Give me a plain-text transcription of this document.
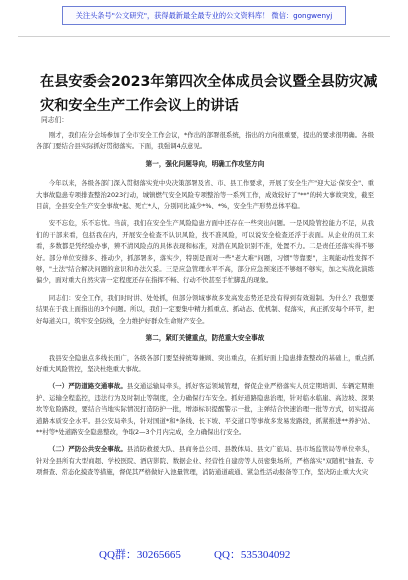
关注头条号"公文研究"，获得最新最全最专业的公文资料库！ 微信：gongwenyj
在县安委会2023年第四次全体成员会议暨全县防灾减灾和安全生产工作会议上的讲话
同志们：

刚才，我们在分会场参加了全市安全工作会议，*作出的部署很系统，指出的方向很重要，提出的要求很明确。各级各部门要结合县实际抓好贯彻落实。下面，我强调4点意见。

第一，强化问题导向，明确工作攻坚方向

今年以来，各级各部门深入贯彻落实党中央决策部署及省、市、县工作要求，开展了安全生产"迎大运·保安全"、重大事故隐患专项排查整治2023行动，城镇燃气安全风险专项整治等一系列工作，成效较好了"**"的转大事故突发，截至目前，全县安全生产安全事故*起、死亡*人，分别同比减少*%、*%，安全生产形势总体平稳。

安不忘危，乐不忘忧。当前，我们在安全生产风险隐患方面中还存在一些突出问题。一是风险管控能力不足，从我们的干部来看，包括我在内，开展安全检查不认识风险，找不准风险，可以说安全检查还浮于表面。从企业的员工来看，多数都是凭经验办事，辨不清风险点的具体表现和标准，对潜在风险识别不准，处置不力。二是责任还落实得不够好。部分单位安排多、推动少，抓部署多，落实少，特别是面对一些"老大难"问题，习惯"等靠要"，主观能动性发挥不够，"土法"结合解决问题的意识和办法欠妥。三是应急管理水平不高，部分应急预案还不够细不够实，加之实战化演练偏少，面对重大自然灾害一定程度还存在指挥不畅、行动不快甚至手忙脚乱的现象。

同志们：安全工作，我们时时讲、处处抓，但部分领域事故多发高发态势还是没有得到有效遏制。为什么？我想要结果在于我上面指出的3个问题。所以，我们一定要集中精力抓重点、抓动态、优机制、促落实，真正抓安每个环节，把好每道关口，筑牢安全防线，全力维护好群众生命财产安全。

第二，紧盯关键重点，防范重大安全事故

我县安全隐患点多线长面广，各级各部门要坚持统筹兼顾、突出重点，在抓好面上隐患排查整改的基础上，重点抓好重大风险管控，坚决杜绝重大事故。

（一）严防道路交通事故。县交通运输局牵头，抓好客运领域管理，督促企业严格落实人员定期培训、车辆定期维护、运输全程监控，违法行为及时制止等制度，全力确保行车安全。抓好道路隐患治理，针对临水临崖、高边坡、深果坎等危险路段，要结合当地实际情况打造防护一批，增添标识提醒警示一批，主弹结合快速治理一批等方式，切实提高道路本质安全水平。县公安局牵头，针对国道*和*条线、长下坡、平交道口等事故多发易发路段，抓紧推进**养护站、**村等*处道路安全隐患整改，争取2—3个月内完成，全力确保出行安全。

（二）严防公共安全事故。县消防救援大队、县商务总公司、县教体局、县文广旅局、县市场监管局等单位牵头，针对全县所有大型商超、学校医院、酒店影院、数据企业、经营性自建房等人员密集场所，严格落实"双随机"抽查、专项督查、常态化摸查等措施，督促其严格做好入池量管理，消防通道疏通、紧急性活动报备等工作，坚决防止重大火灾

QQ群：30265665	QQ：535304092
